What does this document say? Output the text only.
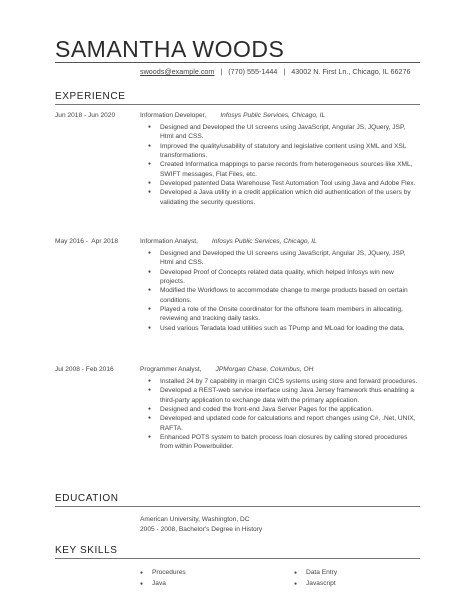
SAMANTHA WOODS
swoods@example.com   |   (770) 555-1444   |   43002 N. First Ln., Chicago, IL 66276
EXPERIENCE
Jun 2018 - Jun 2020	Information Developer, Infosys Public Services, Chicago, IL
● Designed and Developed the UI screens using JavaScript, Angular JS, JQuery, JSP, Html and CSS.
● Improved the quality/usability of statutory and legislative content using XML and XSL transformations.
● Created Informatica mappings to parse records from heterogeneous sources like XML, SWIFT messages, Flat Files, etc.
● Developed patented Data Warehouse Test Automation Tool using Java and Adobe Flex.
● Developed a Java utility in a credit application which did authentication of the users by validating the security questions.
May 2016 -  Apr 2018	Information Analyst, Infosys Public Services, Chicago, IL
● Designed and Developed the UI screens using JavaScript, Angular JS, JQuery, JSP, Html and CSS.
● Developed Proof of Concepts related data quality, which helped Infosys win new projects.
● Modified the Workflows to accommodate change to merge products based on certain conditions.
● Played a role of the Onsite coordinator for the offshore team members in allocating, reviewing and tracking daily tasks.
● Used various Teradata load utilities such as TPump and MLoad for loading the data.
Jul 2008 - Feb 2016	Programmer Analyst, JPMorgan Chase, Columbus, OH
● Installed 24 by 7 capability in margin CICS systems using store and forward procedures.
● Developed a REST-web service interface using Java Jersey framework thus enabling a third-party application to exchange data with the primary application.
● Designed and coded the front-end Java Server Pages for the application.
● Developed and updated code for calculations and report changes using C#, .Net, UNIX, RAFTA.
● Enhanced POTS system to batch process loan closures by calling stored procedures from within Powerbuilder.
EDUCATION
American University, Washington, DC
2005 - 2008, Bachelor's Degree in History
KEY SKILLS
● Procedures
● Java
● Data Entry
● Javascript
